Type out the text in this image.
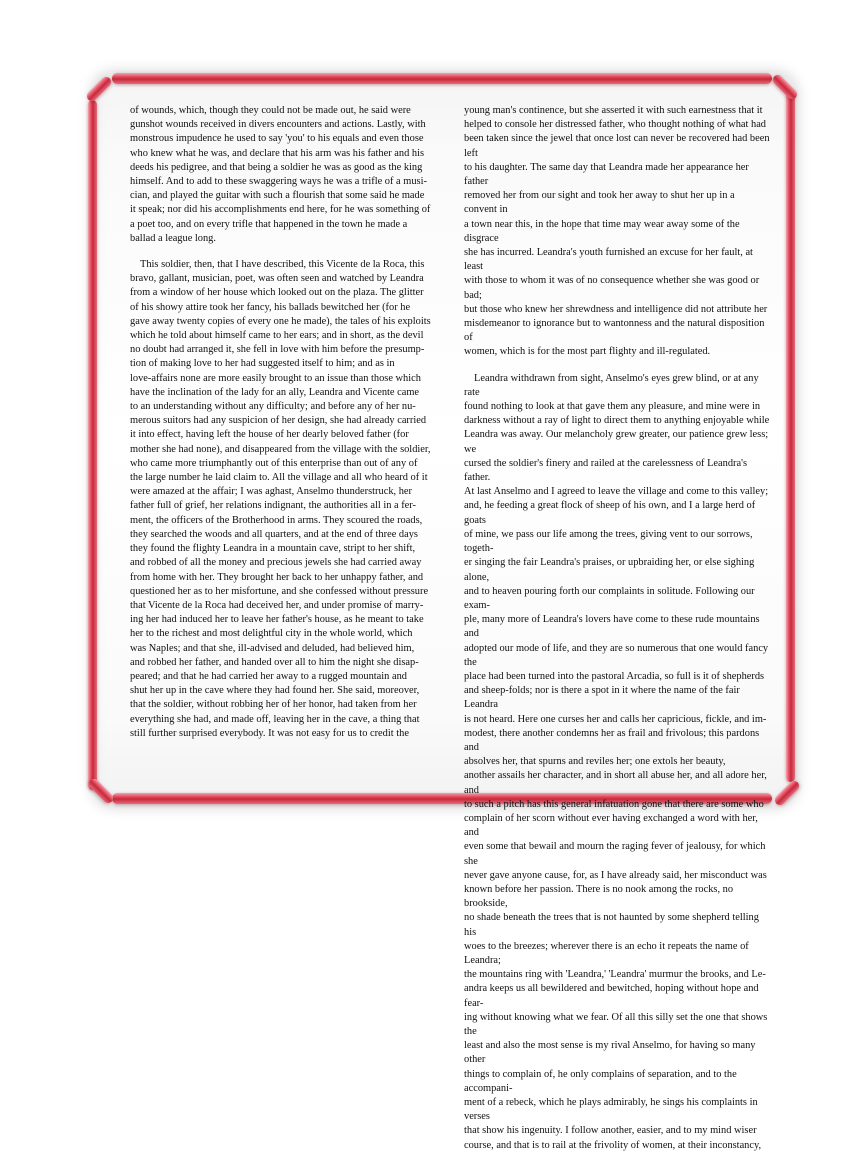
of wounds, which, though they could not be made out, he said were
gunshot wounds received in divers encounters and actions. Lastly, with
monstrous impudence he used to say 'you' to his equals and even those
who knew what he was, and declare that his arm was his father and his
deeds his pedigree, and that being a soldier he was as good as the king
himself. And to add to these swaggering ways he was a trifle of a musi-
cian, and played the guitar with such a flourish that some said he made
it speak; nor did his accomplishments end here, for he was something of
a poet too, and on every trifle that happened in the town he made a
ballad a league long.

This soldier, then, that I have described, this Vicente de la Roca, this
bravo, gallant, musician, poet, was often seen and watched by Leandra
from a window of her house which looked out on the plaza. The glitter
of his showy attire took her fancy, his ballads bewitched her (for he
gave away twenty copies of every one he made), the tales of his exploits
which he told about himself came to her ears; and in short, as the devil
no doubt had arranged it, she fell in love with him before the presump-
tion of making love to her had suggested itself to him; and as in
love-affairs none are more easily brought to an issue than those which
have the inclination of the lady for an ally, Leandra and Vicente came
to an understanding without any difficulty; and before any of her nu-
merous suitors had any suspicion of her design, she had already carried
it into effect, having left the house of her dearly beloved father (for
mother she had none), and disappeared from the village with the soldier,
who came more triumphantly out of this enterprise than out of any of
the large number he laid claim to. All the village and all who heard of it
were amazed at the affair; I was aghast, Anselmo thunderstruck, her
father full of grief, her relations indignant, the authorities all in a fer-
ment, the officers of the Brotherhood in arms. They scoured the roads,
they searched the woods and all quarters, and at the end of three days
they found the flighty Leandra in a mountain cave, stript to her shift,
and robbed of all the money and precious jewels she had carried away
from home with her. They brought her back to her unhappy father, and
questioned her as to her misfortune, and she confessed without pressure
that Vicente de la Roca had deceived her, and under promise of marry-
ing her had induced her to leave her father's house, as he meant to take
her to the richest and most delightful city in the whole world, which
was Naples; and that she, ill-advised and deluded, had believed him,
and robbed her father, and handed over all to him the night she disap-
peared; and that he had carried her away to a rugged mountain and
shut her up in the cave where they had found her. She said, moreover,
that the soldier, without robbing her of her honor, had taken from her
everything she had, and made off, leaving her in the cave, a thing that
still further surprised everybody. It was not easy for us to credit the

young man's continence, but she asserted it with such earnestness that it
helped to console her distressed father, who thought nothing of what had
been taken since the jewel that once lost can never be recovered had been left
to his daughter. The same day that Leandra made her appearance her father
removed her from our sight and took her away to shut her up in a convent in
a town near this, in the hope that time may wear away some of the disgrace
she has incurred. Leandra's youth furnished an excuse for her fault, at least
with those to whom it was of no consequence whether she was good or bad;
but those who knew her shrewdness and intelligence did not attribute her
misdemeanor to ignorance but to wantonness and the natural disposition of
women, which is for the most part flighty and ill-regulated.

Leandra withdrawn from sight, Anselmo's eyes grew blind, or at any rate
found nothing to look at that gave them any pleasure, and mine were in
darkness without a ray of light to direct them to anything enjoyable while
Leandra was away. Our melancholy grew greater, our patience grew less; we
cursed the soldier's finery and railed at the carelessness of Leandra's father.
At last Anselmo and I agreed to leave the village and come to this valley;
and, he feeding a great flock of sheep of his own, and I a large herd of goats
of mine, we pass our life among the trees, giving vent to our sorrows, togeth-
er singing the fair Leandra's praises, or upbraiding her, or else sighing alone,
and to heaven pouring forth our complaints in solitude. Following our exam-
ple, many more of Leandra's lovers have come to these rude mountains and
adopted our mode of life, and they are so numerous that one would fancy the
place had been turned into the pastoral Arcadia, so full is it of shepherds
and sheep-folds; nor is there a spot in it where the name of the fair Leandra
is not heard. Here one curses her and calls her capricious, fickle, and im-
modest, there another condemns her as frail and frivolous; this pardons and
absolves her, that spurns and reviles her; one extols her beauty,
another assails her character, and in short all abuse her, and all adore her, and
to such a pitch has this general infatuation gone that there are some who
complain of her scorn without ever having exchanged a word with her, and
even some that bewail and mourn the raging fever of jealousy, for which she
never gave anyone cause, for, as I have already said, her misconduct was
known before her passion. There is no nook among the rocks, no brookside,
no shade beneath the trees that is not haunted by some shepherd telling his
woes to the breezes; wherever there is an echo it repeats the name of Leandra;
the mountains ring with 'Leandra,' 'Leandra' murmur the brooks, and Le-
andra keeps us all bewildered and bewitched, hoping without hope and fear-
ing without knowing what we fear. Of all this silly set the one that shows the
least and also the most sense is my rival Anselmo, for having so many other
things to complain of, he only complains of separation, and to the accompani-
ment of a rebeck, which he plays admirably, he sings his complaints in verses
that show his ingenuity. I follow another, easier, and to my mind wiser
course, and that is to rail at the frivolity of women, at their inconstancy,
